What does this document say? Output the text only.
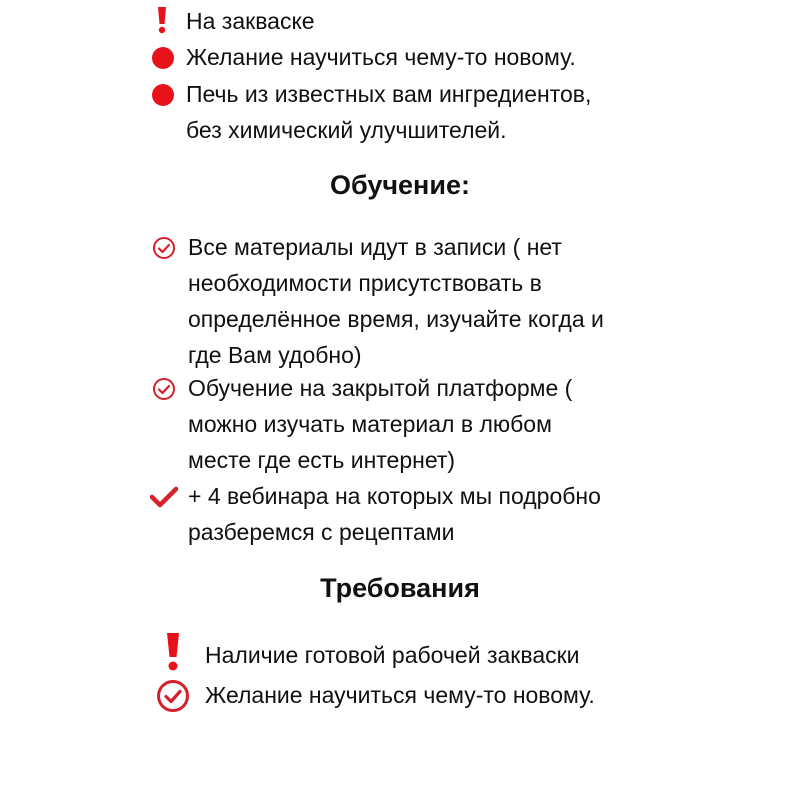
На закваске
Желание научиться чему-то новому.
Печь из известных вам ингредиентов,
без химический улучшителей.
Обучение:
Все материалы идут в записи ( нет
необходимости присутствовать в
определённое время, изучайте когда и
где Вам удобно)
Обучение на закрытой платформе (
можно изучать материал в любом
месте где есть интернет)
+ 4 вебинара на которых мы подробно
разберемся с рецептами
Требования
Наличие готовой рабочей закваски
Желание научиться чему-то новому.
